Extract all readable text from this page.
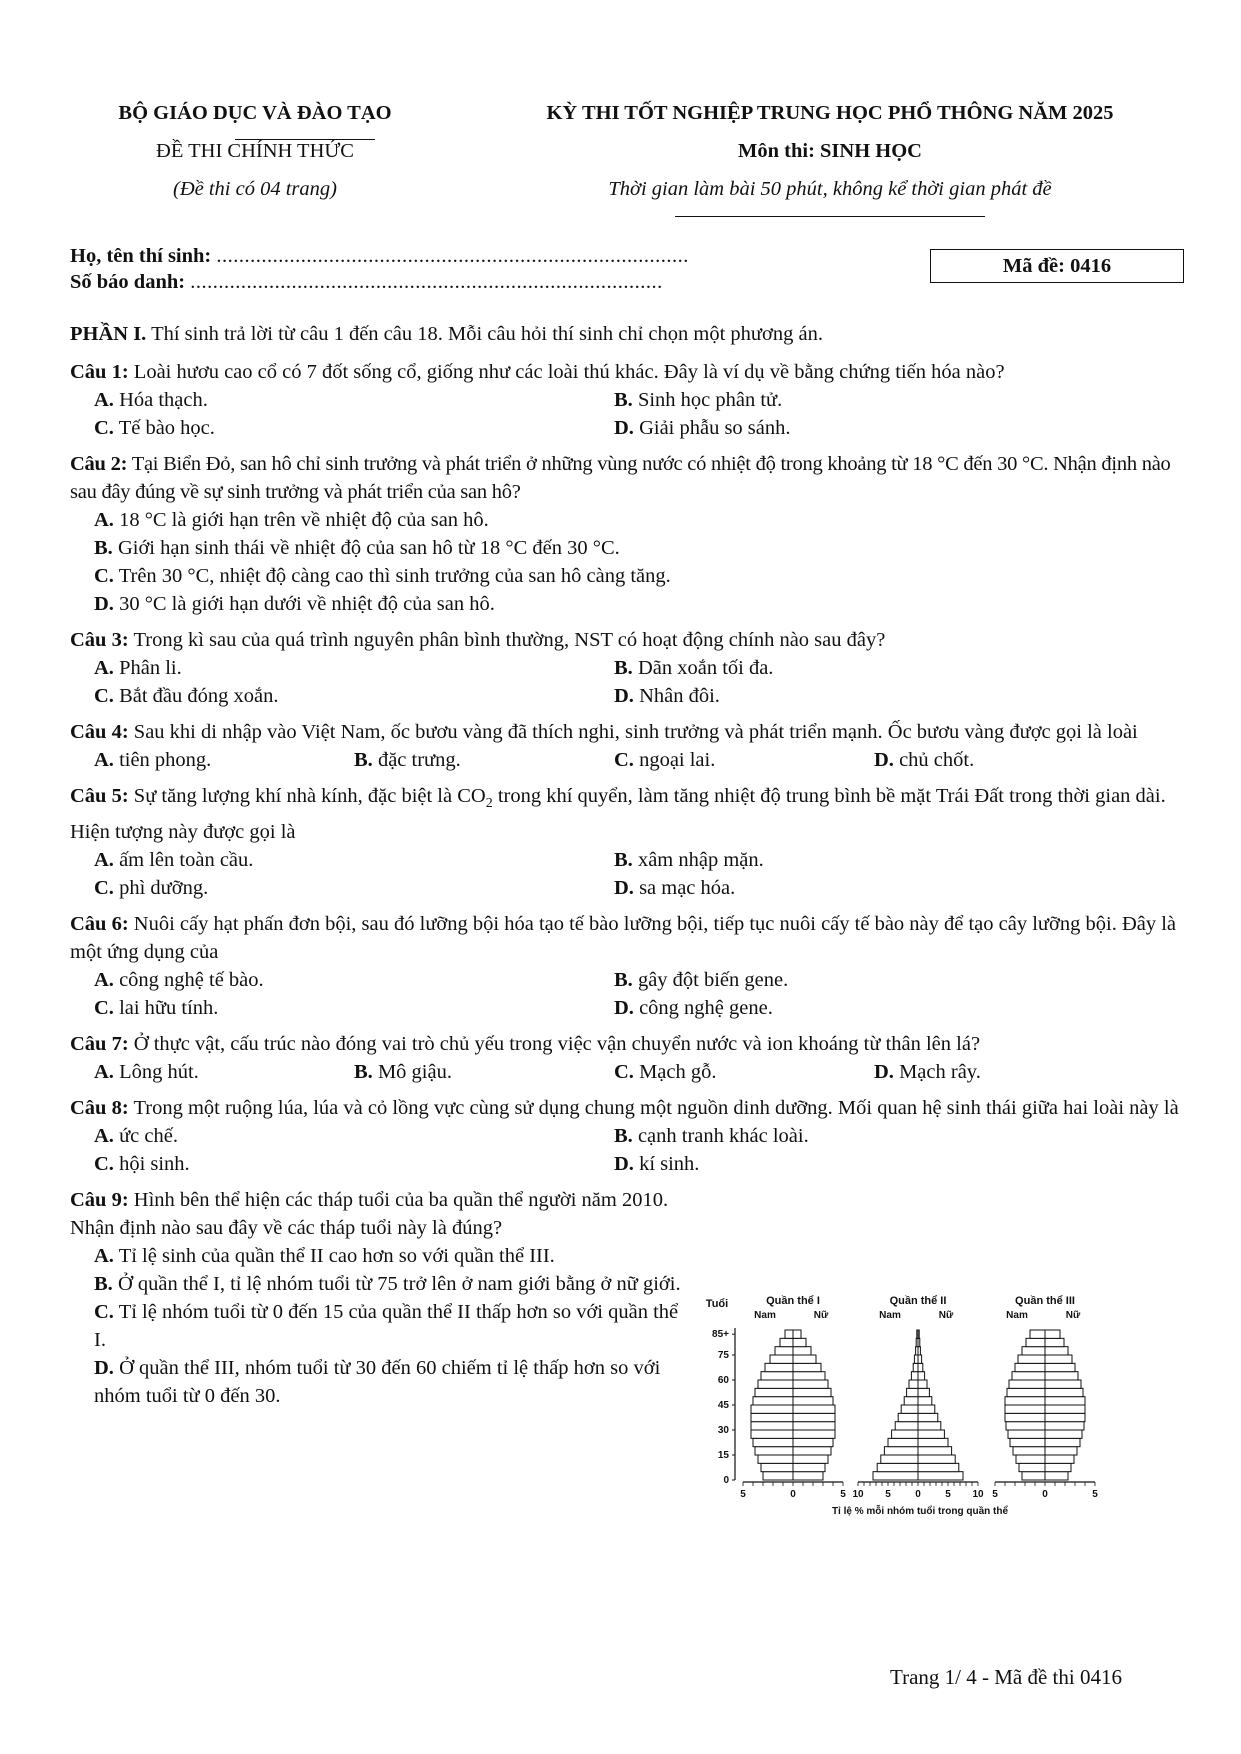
BỘ GIÁO DỤC VÀ ĐÀO TẠO
ĐỀ THI CHÍNH THỨC
(Đề thi có 04 trang)
KỲ THI TỐT NGHIỆP TRUNG HỌC PHỔ THÔNG NĂM 2025
Môn thi: SINH HỌC
Thời gian làm bài 50 phút, không kể thời gian phát đề
Họ, tên thí sinh: ....................................................................................
Số báo danh: ....................................................................................
Mã đề: 0416
PHẦN I. Thí sinh trả lời từ câu 1 đến câu 18. Mỗi câu hỏi thí sinh chỉ chọn một phương án.

Câu 1: Loài hươu cao cổ có 7 đốt sống cổ, giống như các loài thú khác. Đây là ví dụ về bằng chứng tiến hóa nào?

A. Hóa thạch.	B. Sinh học phân tử.
C. Tế bào học.	D. Giải phẫu so sánh.

Câu 2: Tại Biển Đỏ, san hô chỉ sinh trưởng và phát triển ở những vùng nước có nhiệt độ trong khoảng từ 18 °C đến 30 °C. Nhận định nào sau đây đúng về sự sinh trưởng và phát triển của san hô?

A. 18 °C là giới hạn trên về nhiệt độ của san hô.
B. Giới hạn sinh thái về nhiệt độ của san hô từ 18 °C đến 30 °C.
C. Trên 30 °C, nhiệt độ càng cao thì sinh trưởng của san hô càng tăng.
D. 30 °C là giới hạn dưới về nhiệt độ của san hô.

Câu 3: Trong kì sau của quá trình nguyên phân bình thường, NST có hoạt động chính nào sau đây?

A. Phân li.	B. Dãn xoắn tối đa.
C. Bắt đầu đóng xoắn.	D. Nhân đôi.

Câu 4: Sau khi di nhập vào Việt Nam, ốc bươu vàng đã thích nghi, sinh trưởng và phát triển mạnh. Ốc bươu vàng được gọi là loài

A. tiên phong.	B. đặc trưng.	C. ngoại lai.	D. chủ chốt.

Câu 5: Sự tăng lượng khí nhà kính, đặc biệt là $CO_2$ trong khí quyển, làm tăng nhiệt độ trung bình bề mặt Trái Đất trong thời gian dài. Hiện tượng này được gọi là

A. ấm lên toàn cầu.	B. xâm nhập mặn.
C. phì dưỡng.	D. sa mạc hóa.

Câu 6: Nuôi cấy hạt phấn đơn bội, sau đó lưỡng bội hóa tạo tế bào lưỡng bội, tiếp tục nuôi cấy tế bào này để tạo cây lưỡng bội. Đây là một ứng dụng của

A. công nghệ tế bào.	B. gây đột biến gene.
C. lai hữu tính.	D. công nghệ gene.

Câu 7: Ở thực vật, cấu trúc nào đóng vai trò chủ yếu trong việc vận chuyển nước và ion khoáng từ thân lên lá?

A. Lông hút.	B. Mô giậu.	C. Mạch gỗ.	D. Mạch rây.

Câu 8: Trong một ruộng lúa, lúa và cỏ lồng vực cùng sử dụng chung một nguồn dinh dưỡng. Mối quan hệ sinh thái giữa hai loài này là

A. ức chế.	B. cạnh tranh khác loài.
C. hội sinh.	D. kí sinh.

Câu 9: Hình bên thể hiện các tháp tuổi của ba quần thể người năm 2010. Nhận định nào sau đây về các tháp tuổi này là đúng?

A. Tỉ lệ sinh của quần thể II cao hơn so với quần thể III.
B. Ở quần thể I, tỉ lệ nhóm tuổi từ 75 trở lên ở nam giới bằng ở nữ giới.
C. Tỉ lệ nhóm tuổi từ 0 đến 15 của quần thể II thấp hơn so với quần thể I.
D. Ở quần thể III, nhóm tuổi từ 30 đến 60 chiếm tỉ lệ thấp hơn so với nhóm tuổi từ 0 đến 30.
Tuổi
0
15
30
45
60
75
85+
Quần thể I
Nam	Nữ
5	0	5
Quần thể II
Nam	Nữ
10 5 0 5 10
Quần thể III
Nam	Nữ
5	0	5
Tỉ lệ % mỗi nhóm tuổi trong quần thể
Trang 1/ 4 - Mã đề thi 0416
